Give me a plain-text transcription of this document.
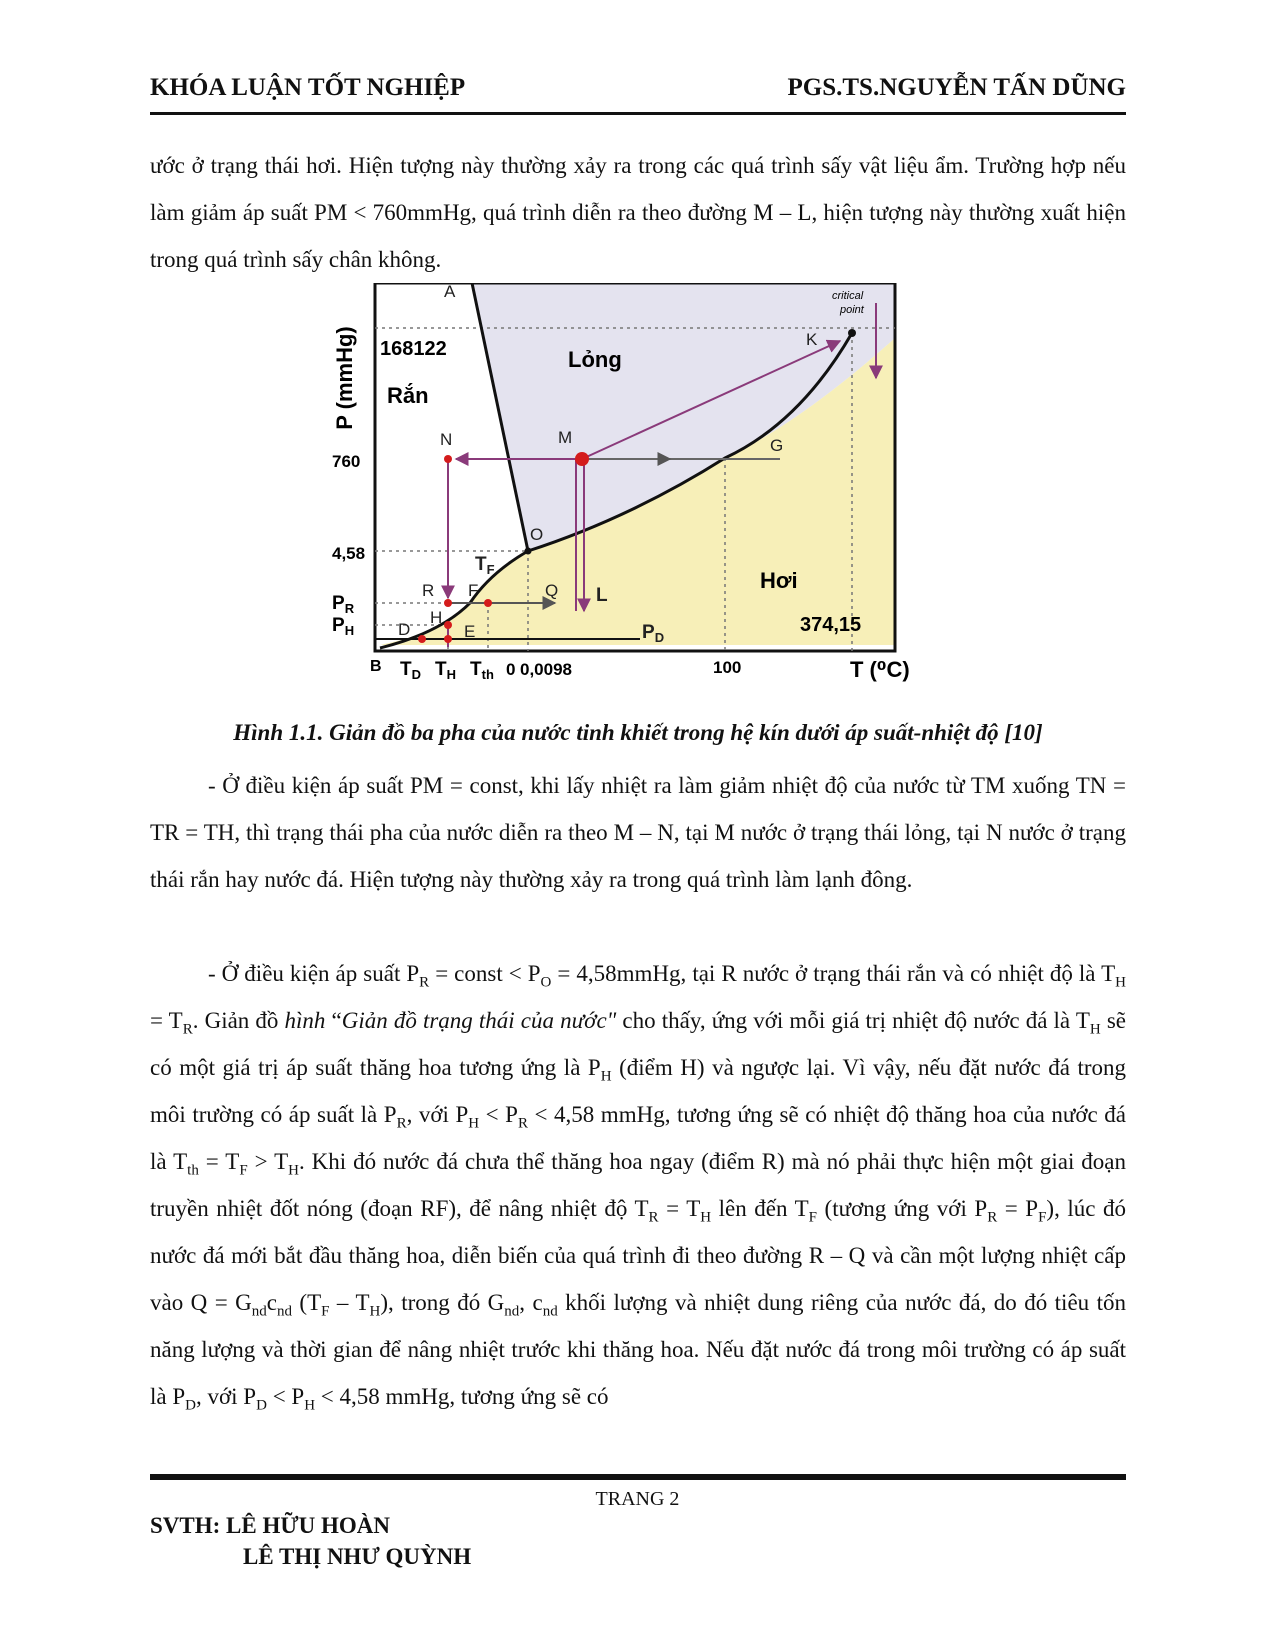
KHÓA LUẬN TỐT NGHIỆP	PGS.TS.NGUYỄN TẤN DŨNG
ước ở trạng thái hơi. Hiện tượng này thường xảy ra trong các quá trình sấy vật liệu ẩm. Trường hợp nếu làm giảm áp suất PM < 760mmHg, quá trình diễn ra theo đường M – L, hiện tượng này thường xuất hiện trong quá trình sấy chân không.
P (mmHg)
760
4,58
$P_R$
$P_H$
B $T_D$ $T_H$ $T_{th}$ 0 0,0098	100	T (⁰C)
Rắn
Lỏng
Hơi
168122
374,15
critical
point
A
K
N	M	G
O
$T_F$
R F	Q L
H
D	E	$P_D$
Hình 1.1. Giản đồ ba pha của nước tinh khiết trong hệ kín dưới áp suất-nhiệt độ [10]
- Ở điều kiện áp suất PM = const, khi lấy nhiệt ra làm giảm nhiệt độ của nước từ TM xuống TN = TR = TH, thì trạng thái pha của nước diễn ra theo M – N, tại M nước ở trạng thái lỏng, tại N nước ở trạng thái rắn hay nước đá. Hiện tượng này thường xảy ra trong quá trình làm lạnh đông.
- Ở điều kiện áp suất $P_R$ = const < $P_O$ = 4,58mmHg, tại R nước ở trạng thái rắn và có nhiệt độ là $T_H = T_R$. Giản đồ hình “Giản đồ trạng thái của nước" cho thấy, ứng với mỗi giá trị nhiệt độ nước đá là $T_H$ sẽ có một giá trị áp suất thăng hoa tương ứng là $P_H$ (điểm H) và ngược lại. Vì vậy, nếu đặt nước đá trong môi trường có áp suất là $P_R$, với $P_H < P_R < 4,58$ mmHg, tương ứng sẽ có nhiệt độ thăng hoa của nước đá là $T_{th} = T_F > T_H$. Khi đó nước đá chưa thể thăng hoa ngay (điểm R) mà nó phải thực hiện một giai đoạn truyền nhiệt đốt nóng (đoạn RF), để nâng nhiệt độ $T_R = T_H$ lên đến $T_F$ (tương ứng với $P_R = P_F$), lúc đó nước đá mới bắt đầu thăng hoa, diễn biến của quá trình đi theo đường R – Q và cần một lượng nhiệt cấp vào $Q = G_{nd}c_{nd}$ $(T_F - T_H)$, trong đó $G_{nd}$, $c_{nd}$ khối lượng và nhiệt dung riêng của nước đá, do đó tiêu tốn năng lượng và thời gian để nâng nhiệt trước khi thăng hoa. Nếu đặt nước đá trong môi trường có áp suất là $P_D$, với $P_D < P_H < 4,58$ mmHg, tương ứng sẽ có
TRANG 2
SVTH: LÊ HỮU HOÀN
LÊ THỊ NHƯ QUỲNH
